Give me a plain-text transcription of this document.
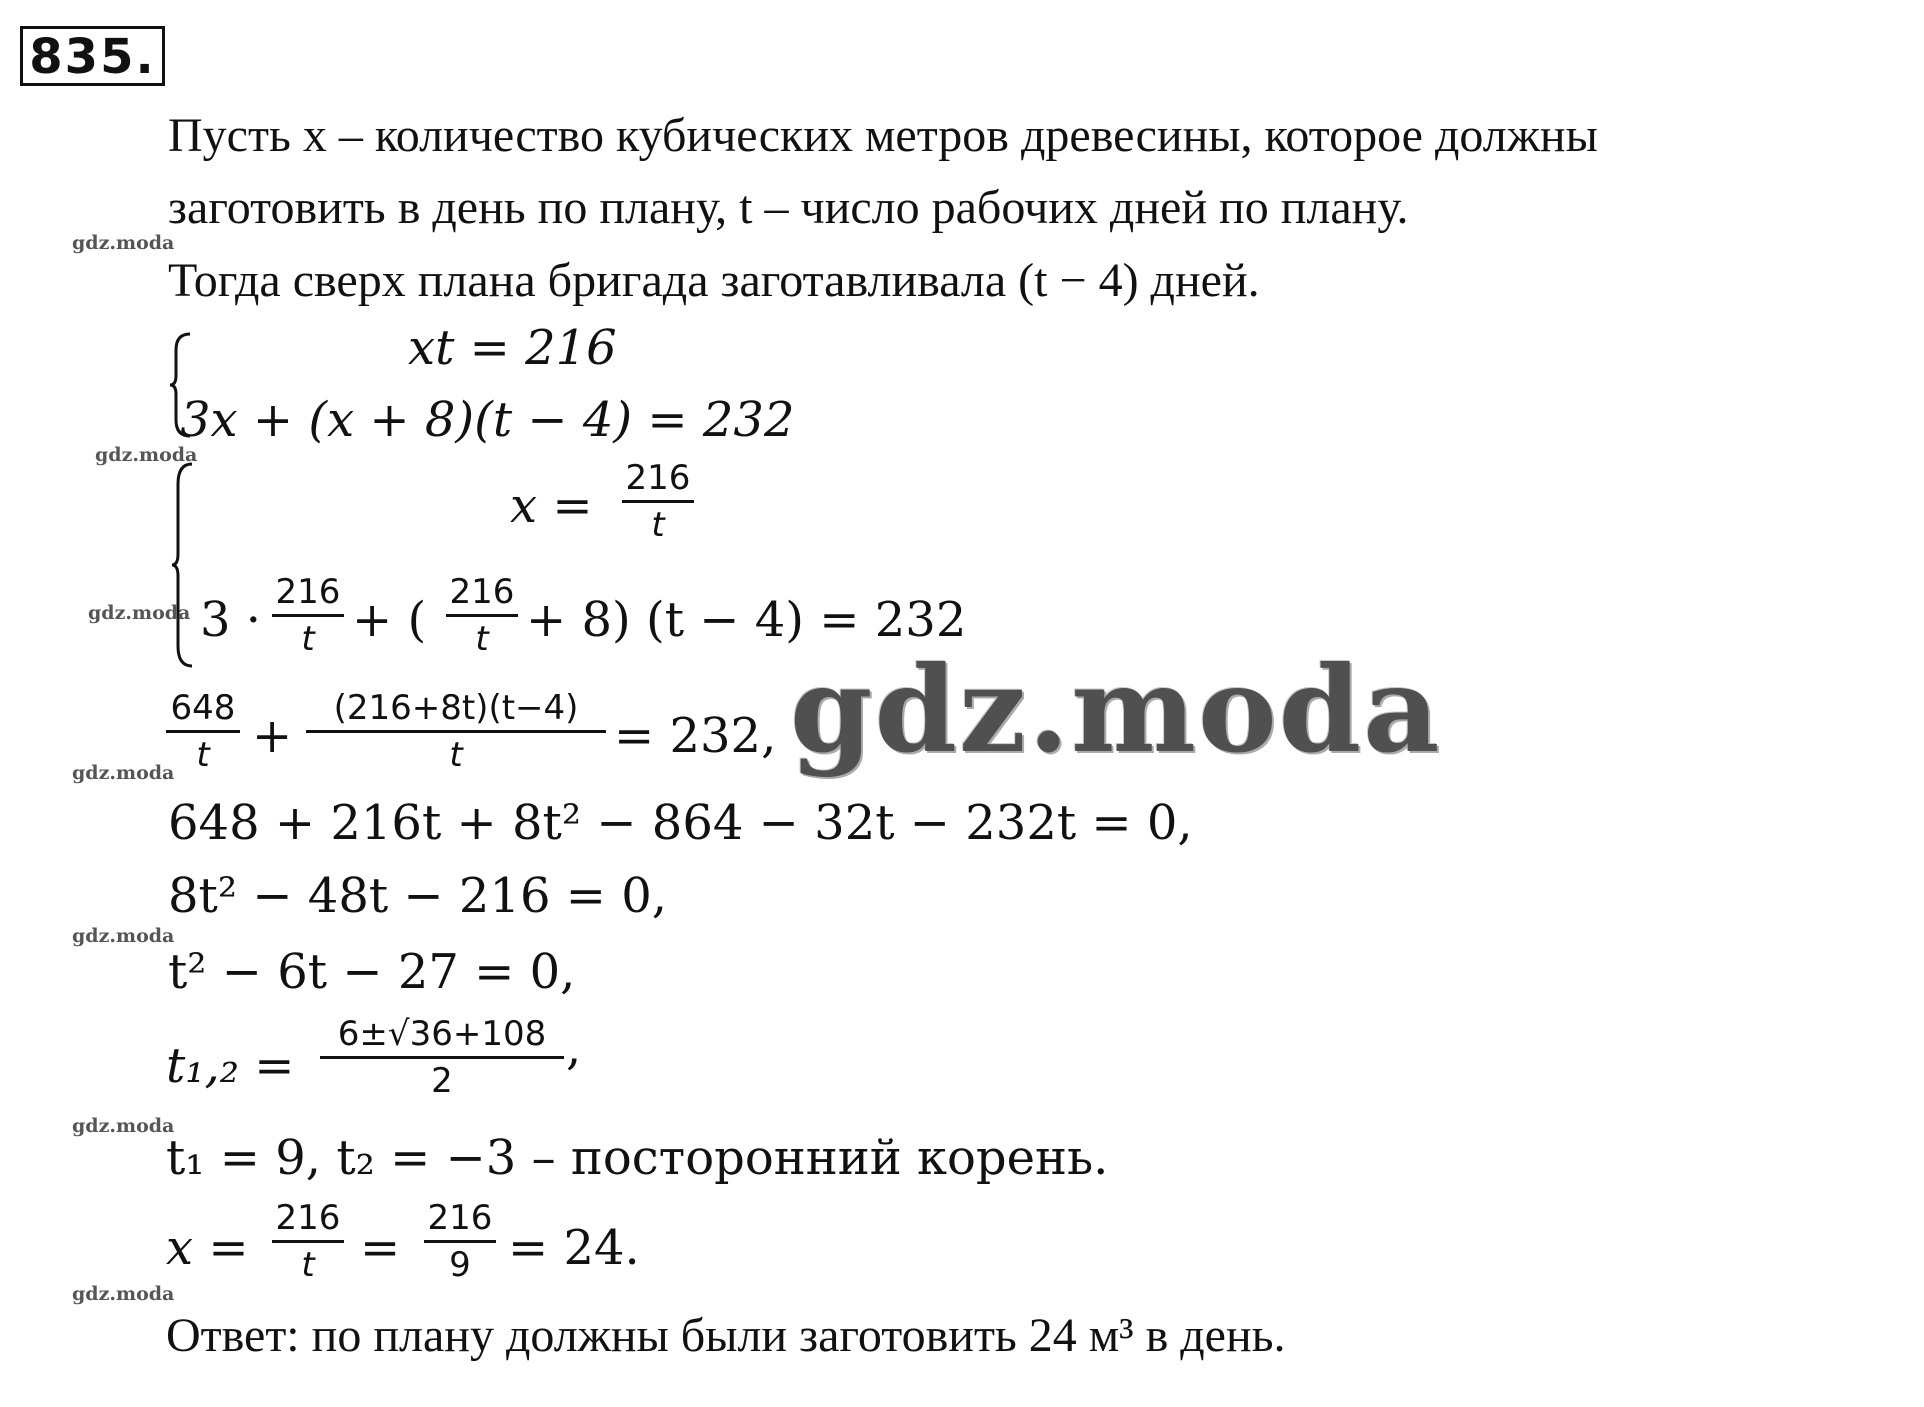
835.
Пусть x – количество кубических метров древесины, которое должны
заготовить в день по плану, t – число рабочих дней по плану.
Тогда сверх плана бригада заготавливала (t − 4) дней.
xt = 216
3x + (x + 8)(t − 4) = 232
x = 216
t
3 · 216
t + ( 216
t + 8) (t − 4) = 232
648
t +	(216+8t)(t−4)
t	= 232,
648 + 216t + 8t² − 864 − 32t − 232t = 0,
8t² − 48t − 216 = 0,
t² − 6t − 27 = 0,
t₁,₂ =
6±√36+108
2
,
t₁ = 9, t₂ = −3 – посторонний корень.
x =
216
t =
216
9 = 24.
Ответ: по плану должны были заготовить 24 м³ в день.
gdz.moda
gdz.moda
gdz.moda
gdz.moda
gdz.moda
gdz.moda
gdz.moda
gdz.moda
